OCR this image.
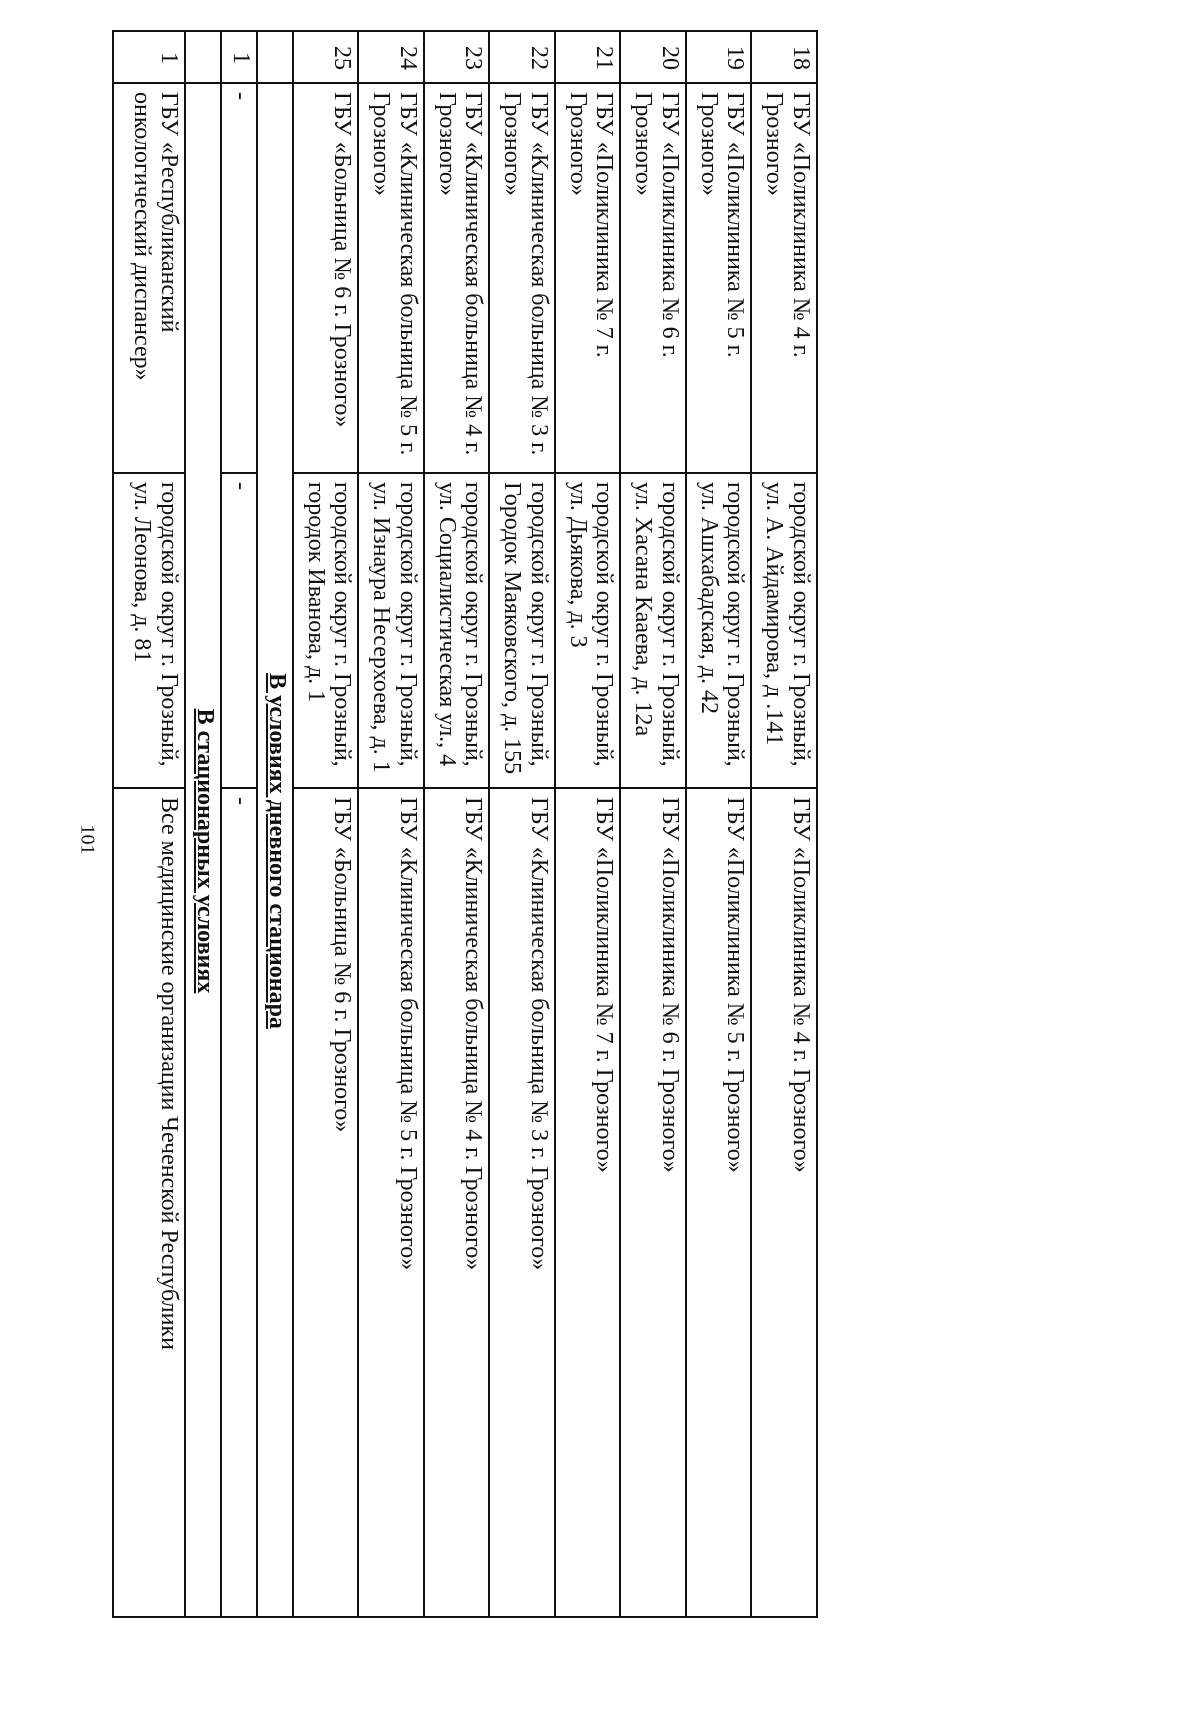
101
18	ГБУ «Поликлиника № 4 г. Грозного»	городской округ г. Грозный, ул. А. Айдамирова, д .141	ГБУ «Поликлиника № 4 г. Грозного»
19	ГБУ «Поликлиника № 5 г. Грозного»	городской округ г. Грозный, ул. Ашхабадская, д. 42	ГБУ «Поликлиника № 5 г. Грозного»
20	ГБУ «Поликлиника № 6 г. Грозного»	городской округ г. Грозный, ул. Хасана Кааева, д. 12а	ГБУ «Поликлиника № 6 г. Грозного»
21	ГБУ «Поликлиника № 7 г. Грозного»	городской округ г. Грозный, ул. Дьякова, д. 3	ГБУ «Поликлиника № 7 г. Грозного»
22	ГБУ «Клиническая больница № 3 г. Грозного»	городской округ г. Грозный, Городок Маяковского, д. 155	ГБУ «Клиническая больница № 3 г. Грозного»
23	ГБУ «Клиническая больница № 4 г. Грозного»	городской округ г. Грозный, ул. Социалистическая ул., 4	ГБУ «Клиническая больница № 4 г. Грозного»
24	ГБУ «Клиническая больница № 5 г. Грозного»	городской округ г. Грозный, ул. Изнаура Несерхоева, д. 1	ГБУ «Клиническая больница № 5 г. Грозного»
25	ГБУ «Больница № 6 г. Грозного»	городской округ г. Грозный, городок Иванова, д. 1	ГБУ «Больница № 6 г. Грозного»
	В условиях дневного стационара		
1	-	-	-
	В стационарных условиях		
1	ГБУ «Республиканский онкологический диспансер»	городской округ г. Грозный, ул. Леонова, д. 81	Все медицинские организации Чеченской Республики
